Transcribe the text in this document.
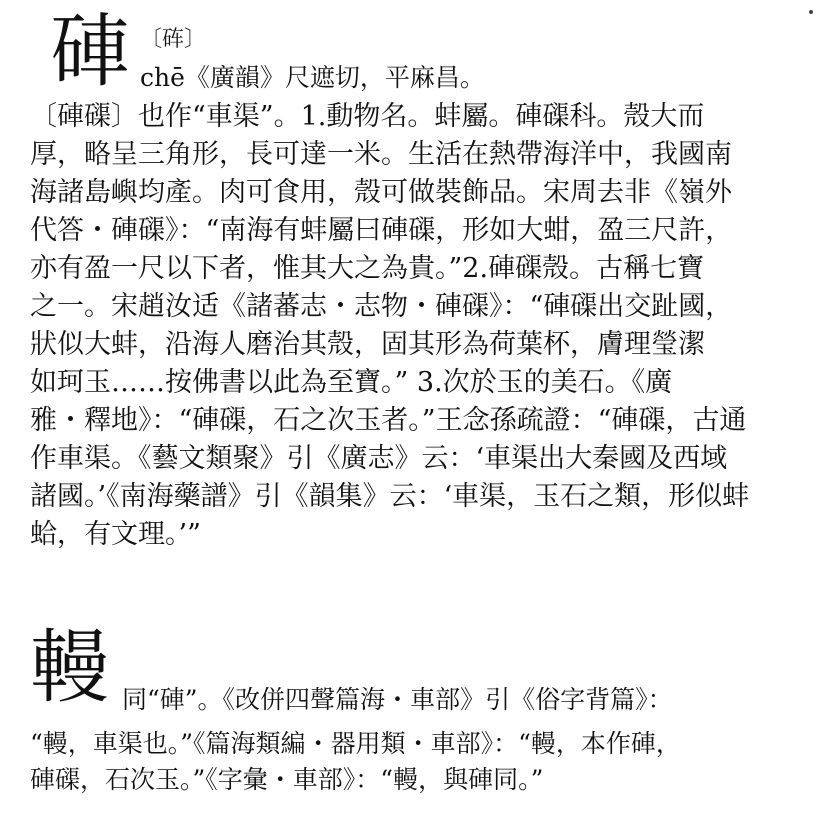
硨 〔砗〕
chē《廣韻》尺遮切，平麻昌。
〔硨磲〕也作“車渠”。1.動物名。蚌屬。硨磲科。殼大而
厚，略呈三角形，長可達一米。生活在熱帶海洋中，我國南
海諸島嶼均產。肉可食用，殼可做裝飾品。宋周去非《嶺外
代答・硨磲》：“南海有蚌屬曰硨磲，形如大蚶，盈三尺許，
亦有盈一尺以下者，惟其大之為貴。”2.硨磲殼。古稱七寶
之一。宋趙汝适《諸蕃志・志物・硨磲》：“硨磲出交趾國，
狀似大蚌，沿海人磨治其殼，固其形為荷葉杯，膚理瑩潔
如珂玉……按佛書以此為至寶。” 3.次於玉的美石。《廣
雅・釋地》：“硨磲，石之次玉者。”王念孫疏證：“硨磲，古通
作車渠。《藝文類聚》引《廣志》云：‘車渠出大秦國及西域
諸國。’《南海藥譜》引《韻集》云：‘車渠，玉石之類，形似蚌
蛤，有文理。’”
䡬 同“硨”。《改併四聲篇海・車部》引《俗字背篇》：
“䡬，車渠也。”《篇海類編・器用類・車部》：“䡬，本作硨，
硨磲，石次玉。”《字彙・車部》：“䡬，與硨同。”
